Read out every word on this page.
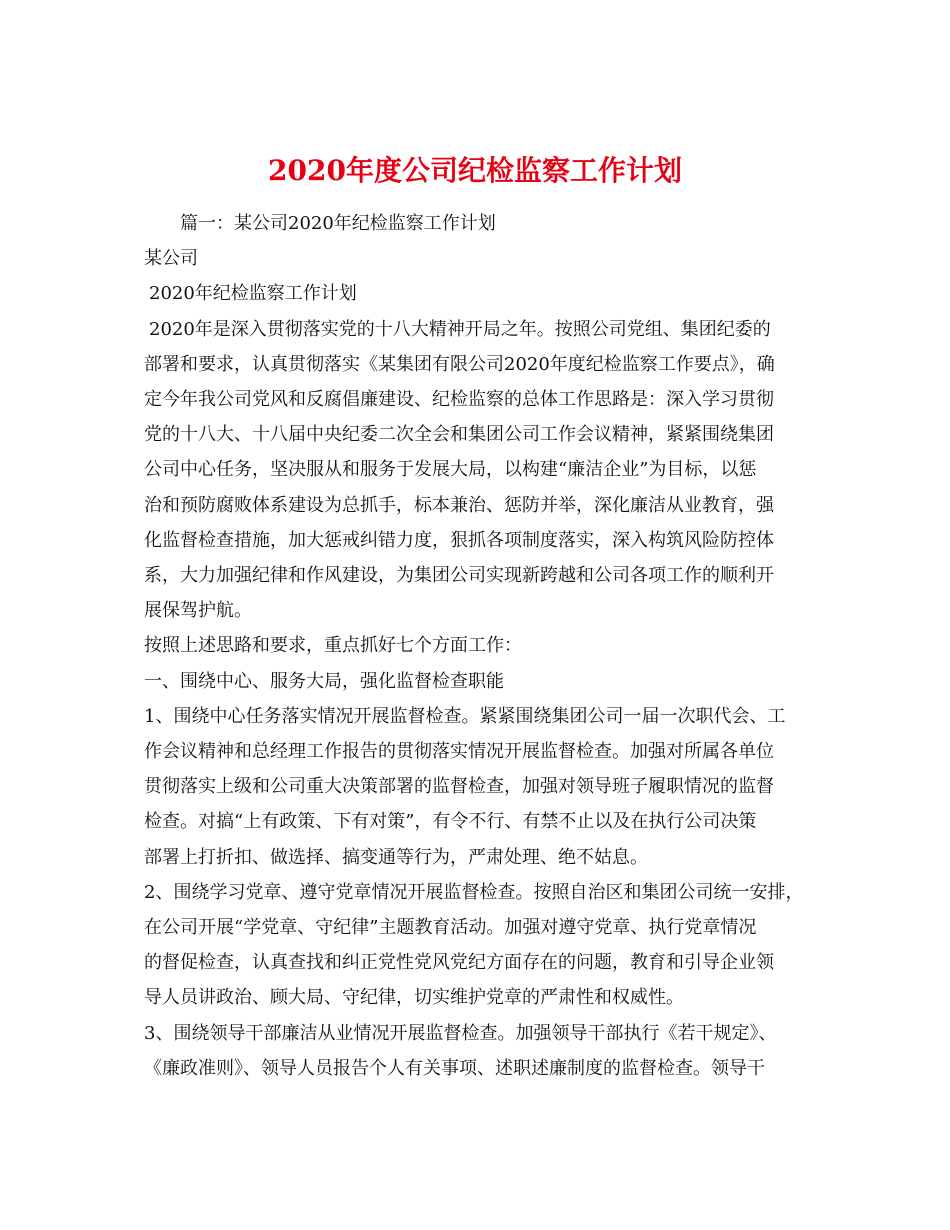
2020年度公司纪检监察工作计划

篇一：某公司2020年纪检监察工作计划

某公司

2020年纪检监察工作计划

2020年是深入贯彻落实党的十八大精神开局之年。按照公司党组、集团纪委的

部署和要求，认真贯彻落实《某集团有限公司2020年度纪检监察工作要点》，确

定今年我公司党风和反腐倡廉建设、纪检监察的总体工作思路是：深入学习贯彻

党的十八大、十八届中央纪委二次全会和集团公司工作会议精神，紧紧围绕集团

公司中心任务，坚决服从和服务于发展大局，以构建“廉洁企业”为目标，以惩

治和预防腐败体系建设为总抓手，标本兼治、惩防并举，深化廉洁从业教育，强

化监督检查措施，加大惩戒纠错力度，狠抓各项制度落实，深入构筑风险防控体

系，大力加强纪律和作风建设，为集团公司实现新跨越和公司各项工作的顺利开

展保驾护航。

按照上述思路和要求，重点抓好七个方面工作：

一、围绕中心、服务大局，强化监督检查职能

1、围绕中心任务落实情况开展监督检查。紧紧围绕集团公司一届一次职代会、工

作会议精神和总经理工作报告的贯彻落实情况开展监督检查。加强对所属各单位

贯彻落实上级和公司重大决策部署的监督检查，加强对领导班子履职情况的监督

检查。对搞“上有政策、下有对策”，有令不行、有禁不止以及在执行公司决策

部署上打折扣、做选择、搞变通等行为，严肃处理、绝不姑息。

2、围绕学习党章、遵守党章情况开展监督检查。按照自治区和集团公司统一安排，

在公司开展“学党章、守纪律”主题教育活动。加强对遵守党章、执行党章情况

的督促检查，认真查找和纠正党性党风党纪方面存在的问题，教育和引导企业领

导人员讲政治、顾大局、守纪律，切实维护党章的严肃性和权威性。

3、围绕领导干部廉洁从业情况开展监督检查。加强领导干部执行《若干规定》、

《廉政准则》、领导人员报告个人有关事项、述职述廉制度的监督检查。领导干
